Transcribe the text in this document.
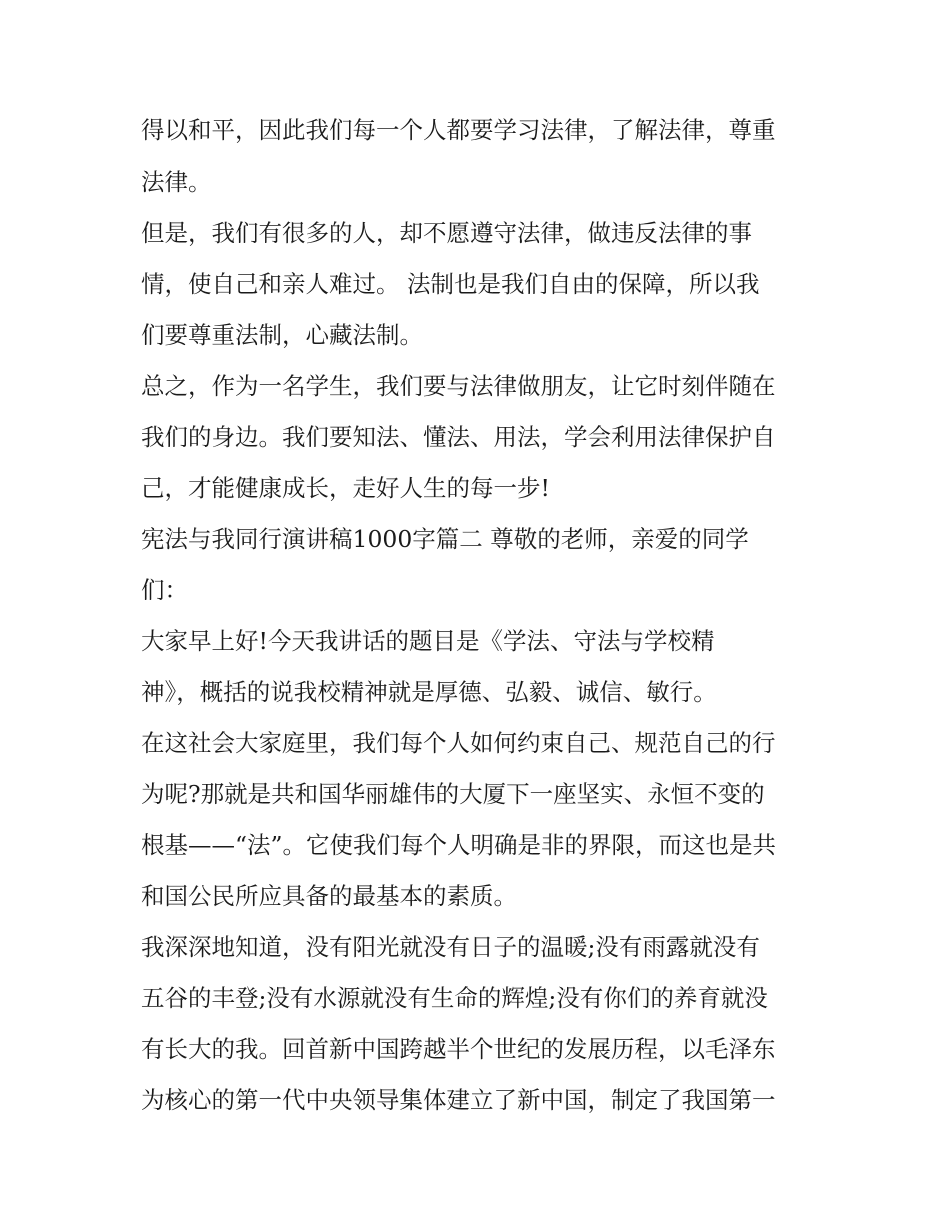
得以和平，因此我们每一个人都要学习法律，了解法律，尊重
法律。
但是，我们有很多的人，却不愿遵守法律，做违反法律的事
情，使自己和亲人难过。 法制也是我们自由的保障，所以我
们要尊重法制，心藏法制。
总之，作为一名学生，我们要与法律做朋友，让它时刻伴随在
我们的身边。我们要知法、懂法、用法，学会利用法律保护自
己，才能健康成长，走好人生的每一步!
宪法与我同行演讲稿1000字篇二 尊敬的老师，亲爱的同学
们：
大家早上好!今天我讲话的题目是《学法、守法与学校精
神》，概括的说我校精神就是厚德、弘毅、诚信、敏行。
在这社会大家庭里，我们每个人如何约束自己、规范自己的行
为呢?那就是共和国华丽雄伟的大厦下一座坚实、永恒不变的
根基——“法”。它使我们每个人明确是非的界限，而这也是共
和国公民所应具备的最基本的素质。
我深深地知道，没有阳光就没有日子的温暖;没有雨露就没有
五谷的丰登;没有水源就没有生命的辉煌;没有你们的养育就没
有长大的我。回首新中国跨越半个世纪的发展历程，以毛泽东
为核心的第一代中央领导集体建立了新中国，制定了我国第一
